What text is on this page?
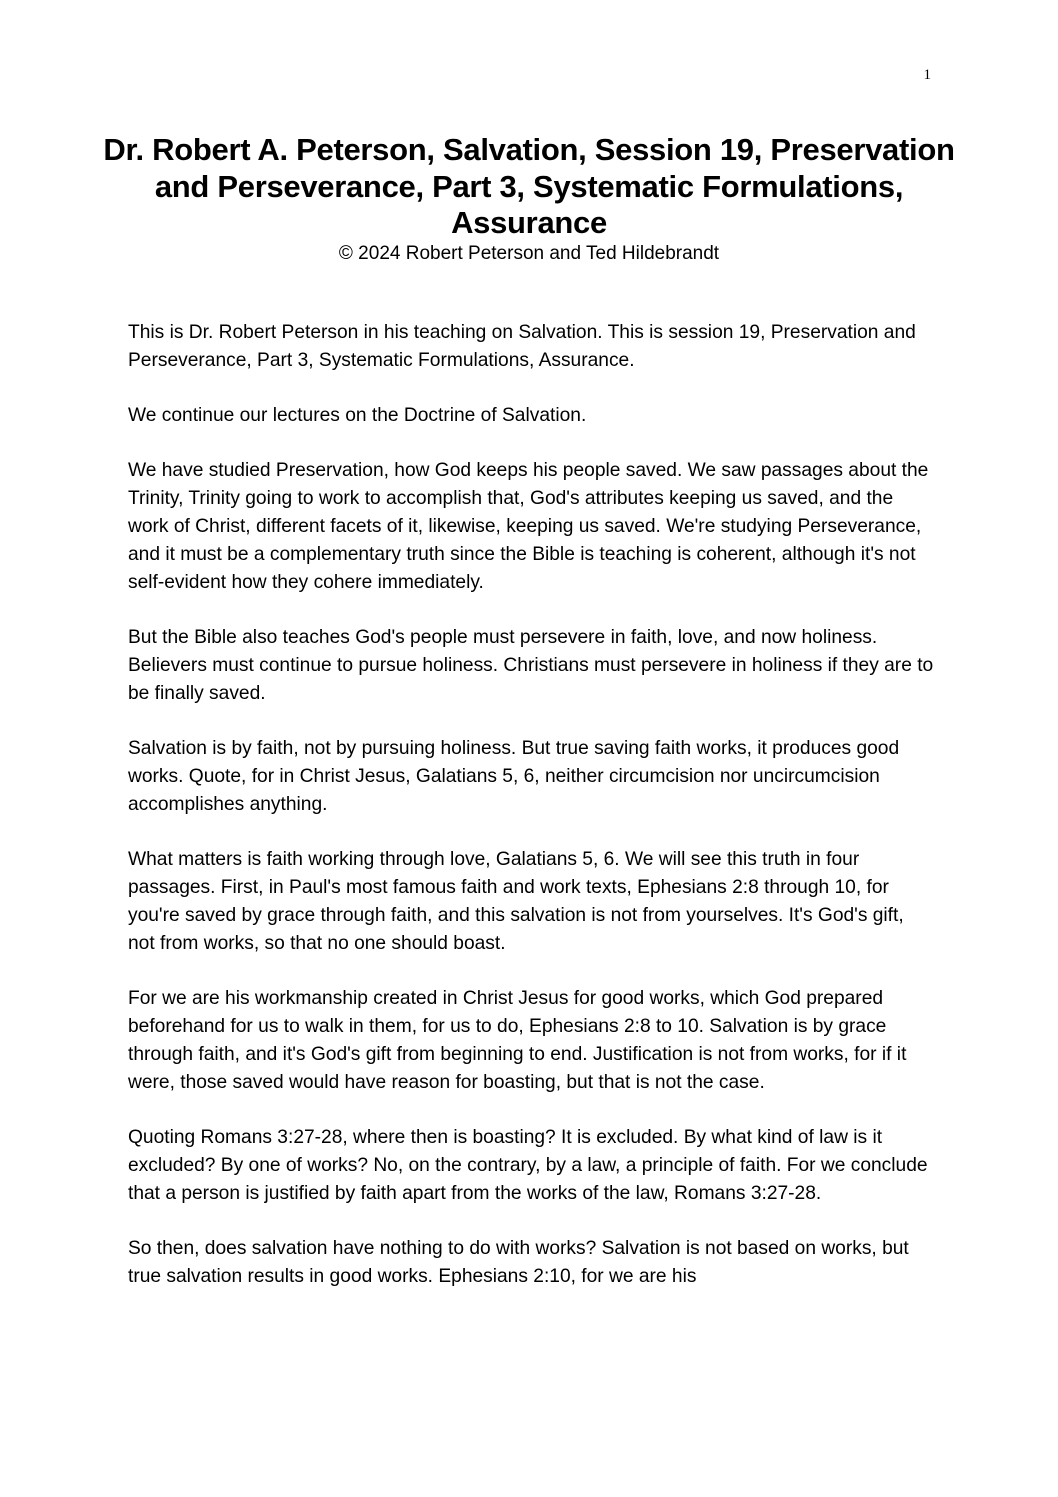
1
Dr. Robert A. Peterson, Salvation, Session 19, Preservation and Perseverance, Part 3, Systematic Formulations, Assurance

© 2024 Robert Peterson and Ted Hildebrandt

This is Dr. Robert Peterson in his teaching on Salvation. This is session 19, Preservation and Perseverance, Part 3, Systematic Formulations, Assurance.

We continue our lectures on the Doctrine of Salvation.

We have studied Preservation, how God keeps his people saved. We saw passages about the Trinity, Trinity going to work to accomplish that, God's attributes keeping us saved, and the work of Christ, different facets of it, likewise, keeping us saved. We're studying Perseverance, and it must be a complementary truth since the Bible is teaching is coherent, although it's not self-evident how they cohere immediately.

But the Bible also teaches God's people must persevere in faith, love, and now holiness. Believers must continue to pursue holiness. Christians must persevere in holiness if they are to be finally saved.

Salvation is by faith, not by pursuing holiness. But true saving faith works, it produces good works. Quote, for in Christ Jesus, Galatians 5, 6, neither circumcision nor uncircumcision accomplishes anything.

What matters is faith working through love, Galatians 5, 6. We will see this truth in four passages. First, in Paul's most famous faith and work texts, Ephesians 2:8 through 10, for you're saved by grace through faith, and this salvation is not from yourselves. It's God's gift, not from works, so that no one should boast.

For we are his workmanship created in Christ Jesus for good works, which God prepared beforehand for us to walk in them, for us to do, Ephesians 2:8 to 10. Salvation is by grace through faith, and it's God's gift from beginning to end. Justification is not from works, for if it were, those saved would have reason for boasting, but that is not the case.

Quoting Romans 3:27-28, where then is boasting? It is excluded. By what kind of law is it excluded? By one of works? No, on the contrary, by a law, a principle of faith. For we conclude that a person is justified by faith apart from the works of the law, Romans 3:27-28.

So then, does salvation have nothing to do with works? Salvation is not based on works, but true salvation results in good works. Ephesians 2:10, for we are his
